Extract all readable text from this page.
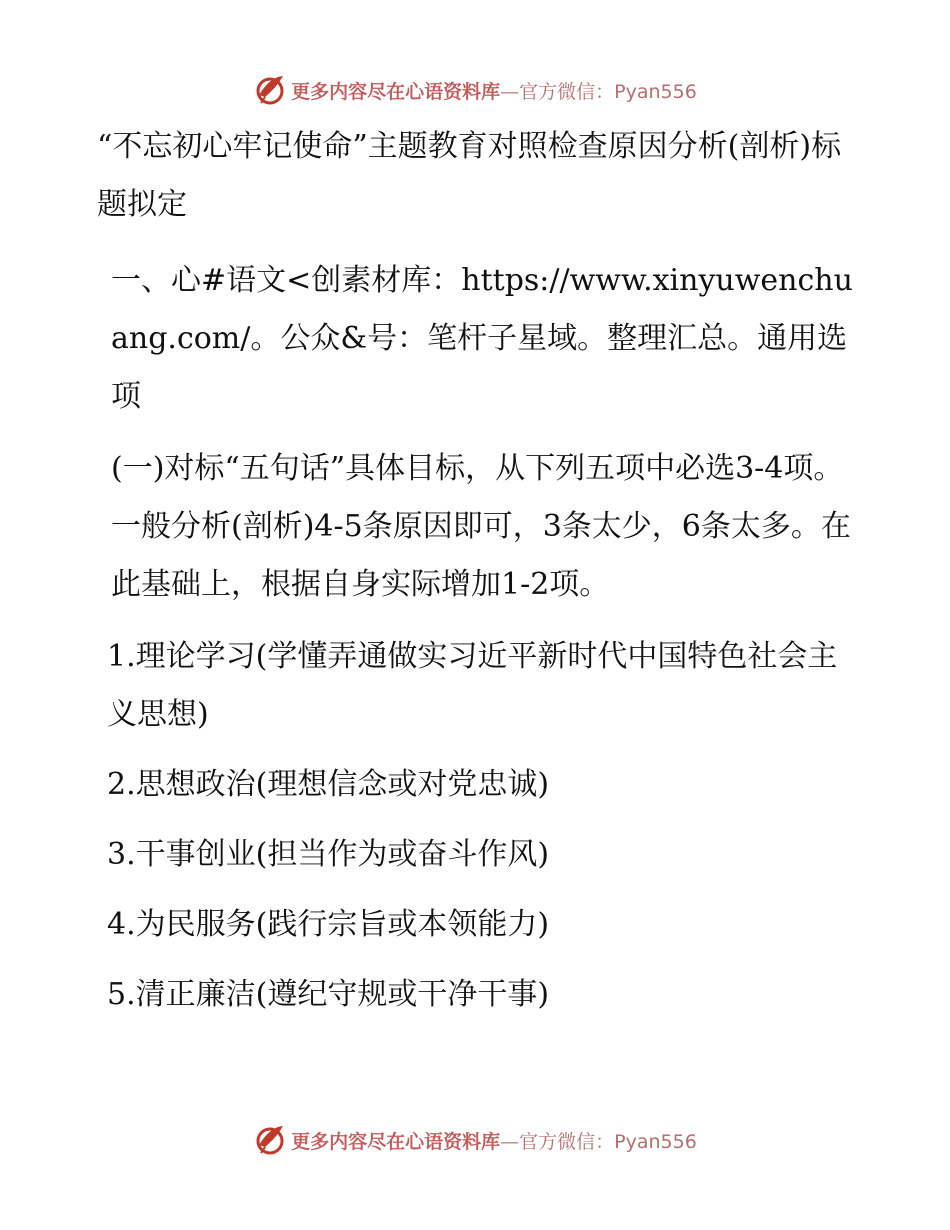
更多内容尽在心语资料库—官方微信：Pyan556

“不忘初心牢记使命”主题教育对照检查原因分析(剖析)标题拟定

一、心#语文<创素材库：https://www.xinyuwenchuang.com/。公众&号：笔杆子星域。整理汇总。通用选项

(一)对标“五句话”具体目标，从下列五项中必选3-4项。一般分析(剖析)4-5条原因即可，3条太少，6条太多。在此基础上，根据自身实际增加1-2项。

1.理论学习(学懂弄通做实习近平新时代中国特色社会主义思想)

2.思想政治(理想信念或对党忠诚)

3.干事创业(担当作为或奋斗作风)

4.为民服务(践行宗旨或本领能力)

5.清正廉洁(遵纪守规或干净干事)

更多内容尽在心语资料库—官方微信：Pyan556
